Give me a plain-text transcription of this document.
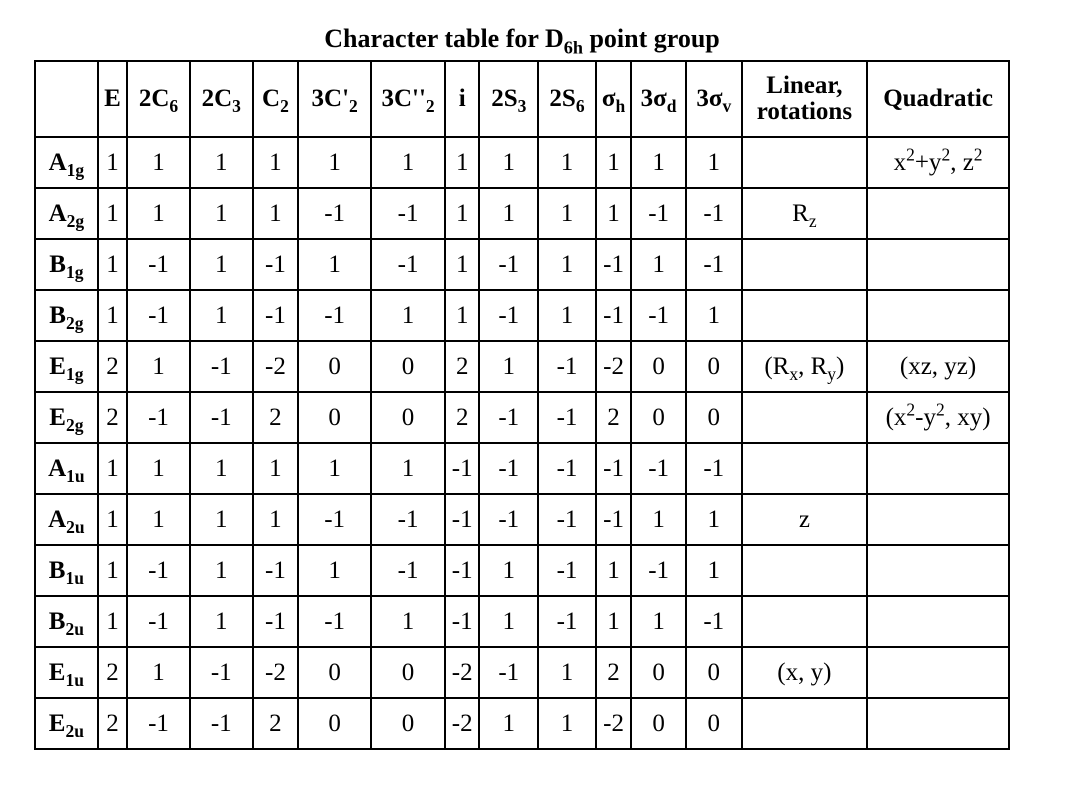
Character table for $D_{6h}$ point group
	E	$2C_6$	$2C_3$	$C_2$	$3C'_2$	$3C''_2$	i	$2S_3$	$2S_6$	$\sigma_h$	$3\sigma_d$	$3\sigma_v$	Linear,
rotations	Quadratic
$A_{1g}$	1	1	1	1	1	1	1	1	1	1	1	1		$x^2+y^2$, $z^2$
$A_{2g}$	1	1	1	1	-1	-1	1	1	1	1	-1	-1	$R_z$	
$B_{1g}$	1	-1	1	-1	1	-1	1	-1	1	-1	1	-1		
$B_{2g}$	1	-1	1	-1	-1	1	1	-1	1	-1	-1	1		
$E_{1g}$	2	1	-1	-2	0	0	2	1	-1	-2	0	0	($R_x$, $R_y$)	(xz, yz)
$E_{2g}$	2	-1	-1	2	0	0	2	-1	-1	2	0	0		($x^2-y^2$, xy)
$A_{1u}$	1	1	1	1	1	1	-1	-1	-1	-1	-1	-1		
$A_{2u}$	1	1	1	1	-1	-1	-1	-1	-1	-1	1	1	z	
$B_{1u}$	1	-1	1	-1	1	-1	-1	1	-1	1	-1	1		
$B_{2u}$	1	-1	1	-1	-1	1	-1	1	-1	1	1	-1		
$E_{1u}$	2	1	-1	-2	0	0	-2	-1	1	2	0	0	(x, y)	
$E_{2u}$	2	-1	-1	2	0	0	-2	1	1	-2	0	0		
